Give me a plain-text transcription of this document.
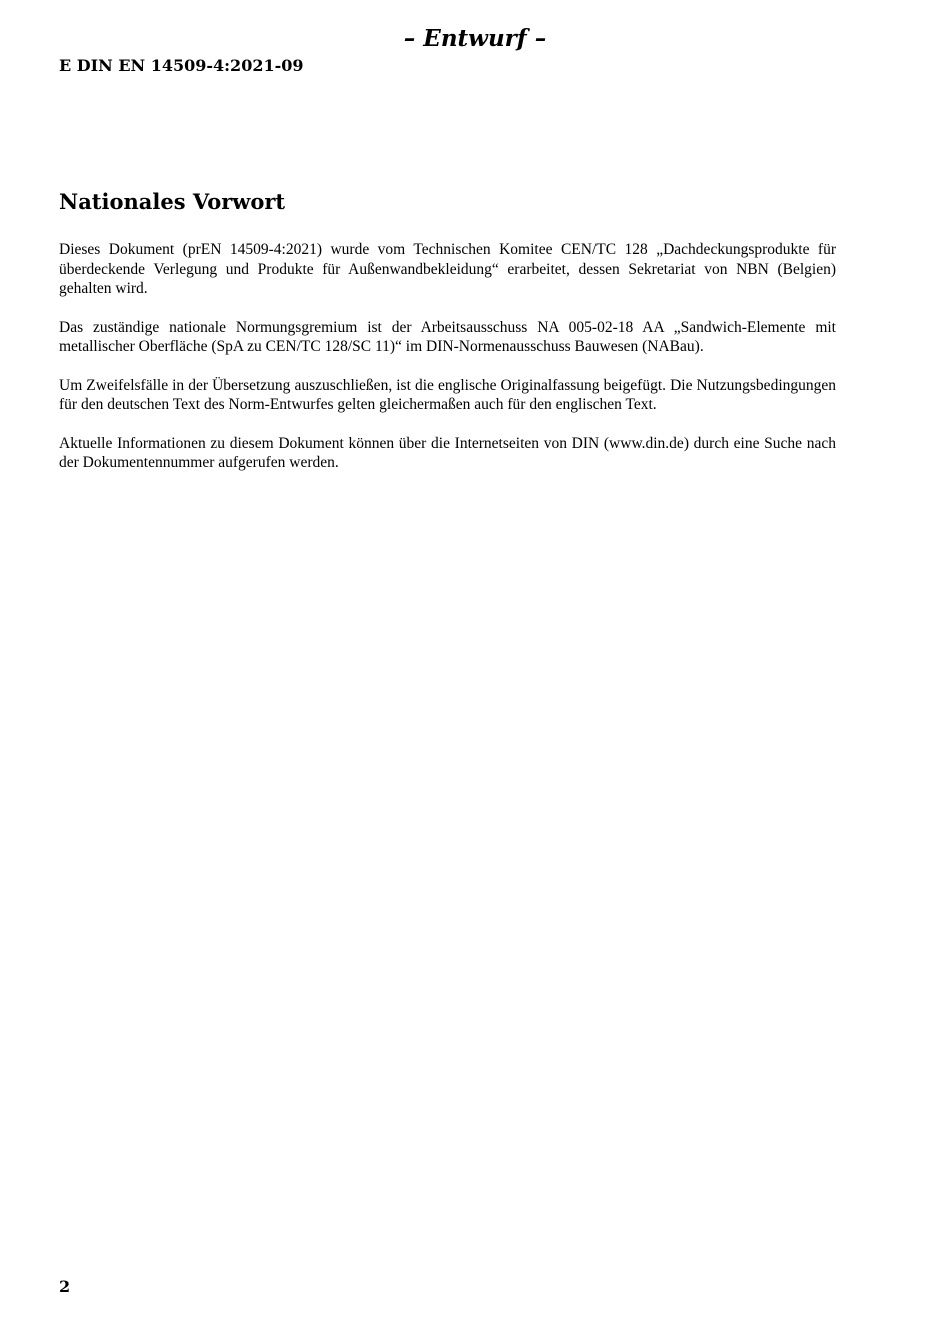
– Entwurf –
E DIN EN 14509-4:2021-09
Nationales Vorwort

Dieses Dokument (prEN 14509-4:2021) wurde vom Technischen Komitee CEN/TC 128 „Dachdeckungsprodukte für überdeckende Verlegung und Produkte für Außenwandbekleidung“ erarbeitet, dessen Sekretariat von NBN (Belgien) gehalten wird.

Das zuständige nationale Normungsgremium ist der Arbeitsausschuss NA 005-02-18 AA „Sandwich-Elemente mit metallischer Oberfläche (SpA zu CEN/TC 128/SC 11)“ im DIN-Normenausschuss Bauwesen (NABau).

Um Zweifelsfälle in der Übersetzung auszuschließen, ist die englische Originalfassung beigefügt. Die Nutzungsbedingungen für den deutschen Text des Norm-Entwurfes gelten gleichermaßen auch für den englischen Text.

Aktuelle Informationen zu diesem Dokument können über die Internetseiten von DIN (www.din.de) durch eine Suche nach der Dokumentennummer aufgerufen werden.

2
